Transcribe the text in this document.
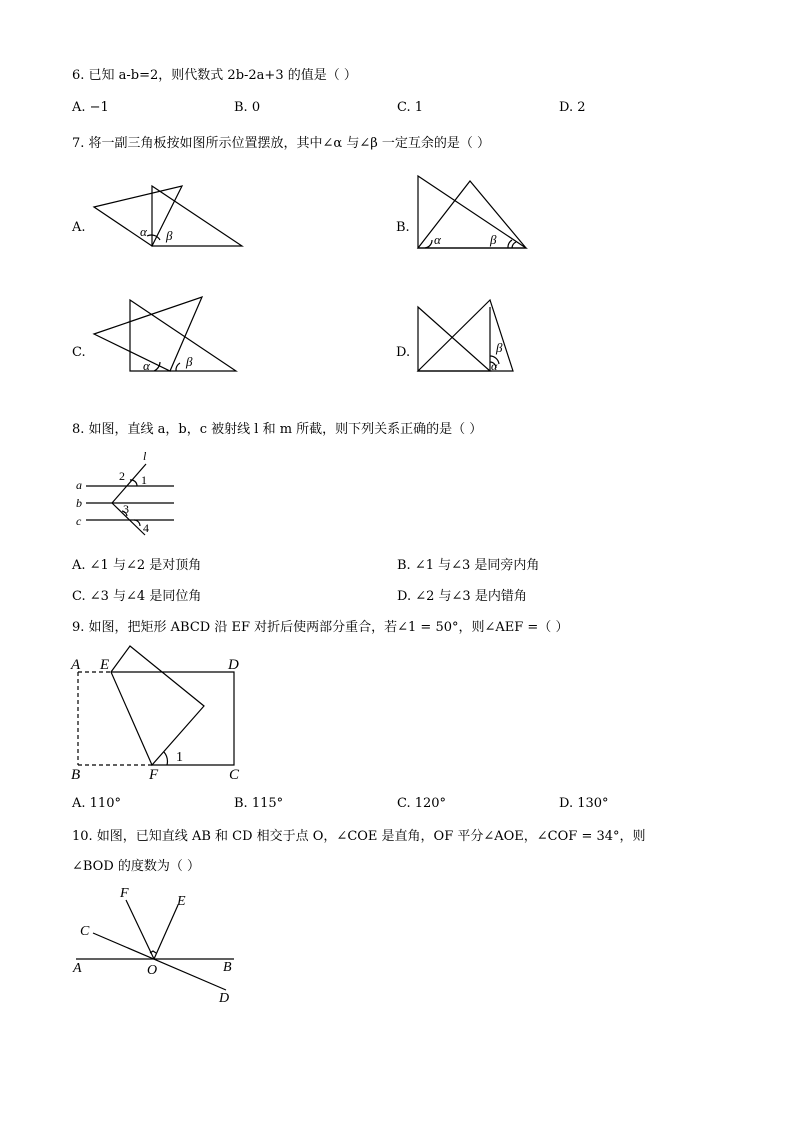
6. 已知 a-b=2，则代数式 2b-2a+3 的值是（ ）
A. −1	B. 0	C. 1	D. 2
7. 将一副三角板按如图所示位置摆放，其中∠α 与∠β 一定互余的是（ ）
A.	α β
B.
α	β
C.
α	β
D.	β
α
8. 如图，直线 a，b，c 被射线 l 和 m 所截，则下列关系正确的是（ ）
l
a
b
c
2 1
3
4
A. ∠1 与∠2 是对顶角	B. ∠1 与∠3 是同旁内角
C. ∠3 与∠4 是同位角	D. ∠2 与∠3 是内错角
9. 如图，把矩形 ABCD 沿 EF 对折后使两部分重合，若∠1 = 50°，则∠AEF =（ ）
A E	D
B	F	C
1
A. 110°	B. 115°	C. 120°	D. 130°
10. 如图，已知直线 AB 和 CD 相交于点 O，∠COE 是直角，OF 平分∠AOE，∠COF = 34°，则
∠BOD 的度数为（ ）
F
E
C
A	O	B
D
